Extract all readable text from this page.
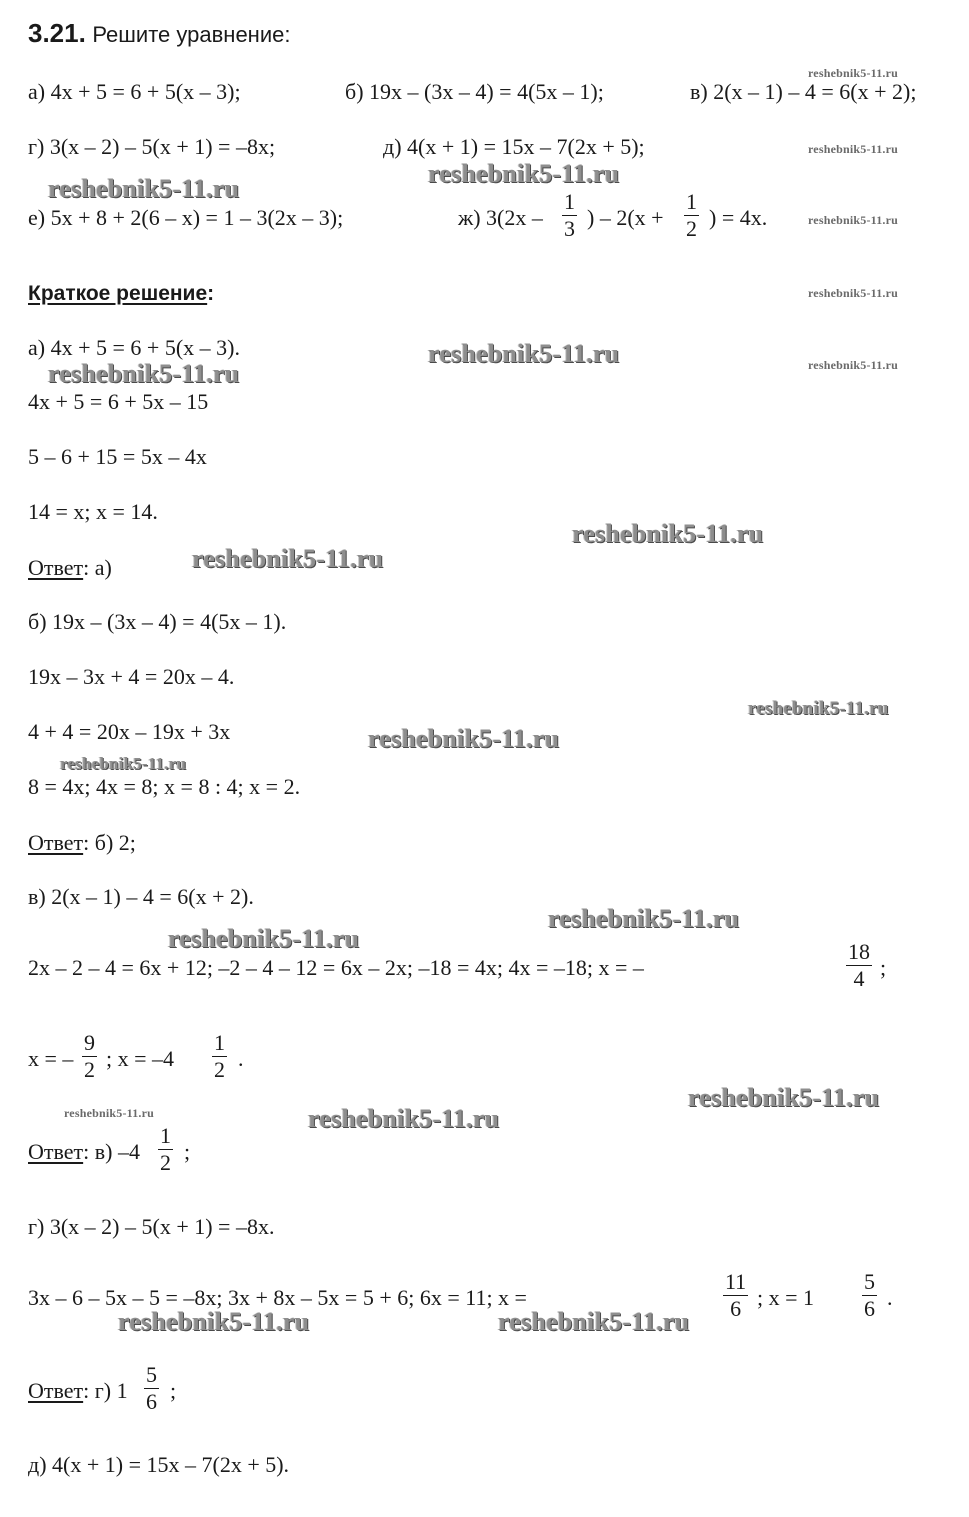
3.21. Решите уравнение:
а) 4x + 5 = 6 + 5(x – 3);	б) 19x – (3x – 4) = 4(5x – 1);	в) 2(x – 1) – 4 = 6(x + 2);
г) 3(x – 2) – 5(x + 1) = –8x;	д) 4(x + 1) = 15x – 7(2x + 5);
е) 5x + 8 + 2(6 – x) = 1 – 3(2x – 3);	ж) $3(2x - \frac{1}{3}$ ) – $2(x + \frac{1}{2}$ ) = 4x.
Краткое решение:
а) 4x + 5 = 6 + 5(x – 3).
4x + 5 = 6 + 5x – 15
5 – 6 + 15 = 5x – 4x
14 = x; x = 14.
Ответ: а)
б) 19x – (3x – 4) = 4(5x – 1).
19x – 3x + 4 = 20x – 4.
4 + 4 = 20x – 19x + 3x
8 = 4x; 4x = 8; x = 8 : 4; x = 2.
Ответ: б) 2;
в) 2(x – 1) – 4 = 6(x + 2).
2x – 2 – 4 = 6x + 12; –2 – 4 – 12 = 6x – 2x; –18 = 4x; 4x = –18; x = –	$\frac{18}{4}$ ;
x = – $\frac{9}{2}$ ; $x = -4 \frac{1}{2}$ .
Ответ: в) $-4 \frac{1}{2}$ ;
г) 3(x – 2) – 5(x + 1) = –8x.
3x – 6 – 5x – 5 = –8x; 3x + 8x – 5x = 5 + 6; 6x = 11; x =	$\frac{11}{6}$ ; $x = 1 \frac{5}{6}$ .
Ответ: г) $1 \frac{5}{6}$ ;
д) 4(x + 1) = 15x – 7(2x + 5).
reshebnik5-11.ru
reshebnik5-11.ru
reshebnik5-11.ru
reshebnik5-11.ru
reshebnik5-11.ru
reshebnik5-11.ru
reshebnik5-11.ru
reshebnik5-11.ru
reshebnik5-11.ru
reshebnik5-11.ru
reshebnik5-11.ru
reshebnik5-11.ru
reshebnik5-11.ru
reshebnik5-11.ru
reshebnik5-11.ru
reshebnik5-11.ru
reshebnik5-11.ru
reshebnik5-11.ru
reshebnik5-11.ru
reshebnik5-11.ru	reshebnik5-11.ru
